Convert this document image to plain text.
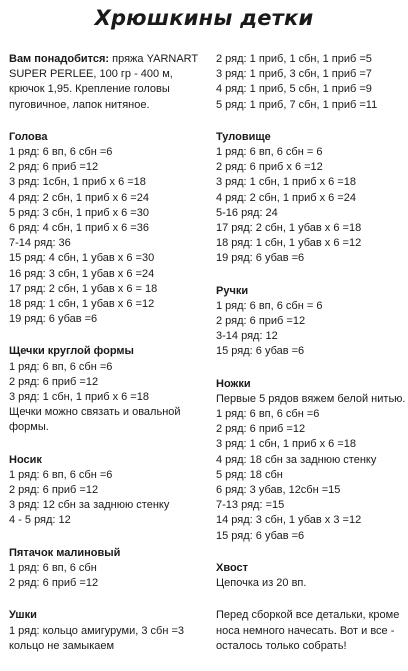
Хрюшкины детки
Вам понадобится: пряжа YARNART SUPER PERLEE, 100 гр - 400 м, крючок 1,95. Крепление головы пуговичное, лапок нитяное.
Голова
1 ряд: 6 вп, 6 сбн =6
2 ряд: 6 приб =12
3 ряд: 1сбн, 1 приб х 6 =18
4 ряд: 2 сбн, 1 приб х 6 =24
5 ряд: 3 сбн, 1 приб х 6 =30
6 ряд: 4 сбн, 1 приб х 6 =36
7-14 ряд: 36
15 ряд: 4 сбн, 1 убав х 6 =30
16 ряд: 3 сбн, 1 убав х 6 =24
17 ряд: 2 сбн, 1 убав х 6 = 18
18 ряд: 1 сбн, 1 убав х 6 =12
19 ряд: 6 убав =6
Щечки круглой формы
1 ряд: 6 вп, 6 сбн =6
2 ряд: 6 приб =12
3 ряд: 1 сбн, 1 приб х 6 =18
Щечки можно связать и овальной формы.
Носик
1 ряд: 6 вп, 6 сбн =6
2 ряд: 6 приб =12
3 ряд: 12 сбн за заднюю стенку
4 - 5 ряд: 12
Пятачок малиновый
1 ряд: 6 вп, 6 сбн
2 ряд: 6 приб =12
Ушки
1 ряд: кольцо амигуруми, 3 сбн =3
кольцо не замыкаем
2 ряд: 1 приб, 1 сбн, 1 приб =5
3 ряд: 1 приб, 3 сбн, 1 приб =7
4 ряд: 1 приб, 5 сбн, 1 приб =9
5 ряд: 1 приб, 7 сбн, 1 приб =11
Туловище
1 ряд: 6 вп, 6 сбн = 6
2 ряд: 6 приб х 6 =12
3 ряд: 1 сбн, 1 приб х 6 =18
4 ряд: 2 сбн, 1 приб х 6 =24
5-16 ряд: 24
17 ряд: 2 сбн, 1 убав х 6 =18
18 ряд: 1 сбн, 1 убав х 6 =12
19 ряд: 6 убав =6
Ручки
1 ряд: 6 вп, 6 сбн = 6
2 ряд: 6 приб =12
3-14 ряд: 12
15 ряд: 6 убав =6
Ножки
Первые 5 рядов вяжем белой нитью.
1 ряд: 6 вп, 6 сбн =6
2 ряд: 6 приб =12
3 ряд: 1 сбн, 1 приб х 6 =18
4 ряд: 18 сбн за заднюю стенку
5 ряд: 18 сбн
6 ряд: 3 убав, 12сбн =15
7-13 ряд: =15
14 ряд: 3 сбн, 1 убав х 3 =12
15 ряд: 6 убав =6
Хвост
Цепочка из 20 вп.
Перед сборкой все детальки, кроме носа немного начесать. Вот и все - осталось только собрать!
